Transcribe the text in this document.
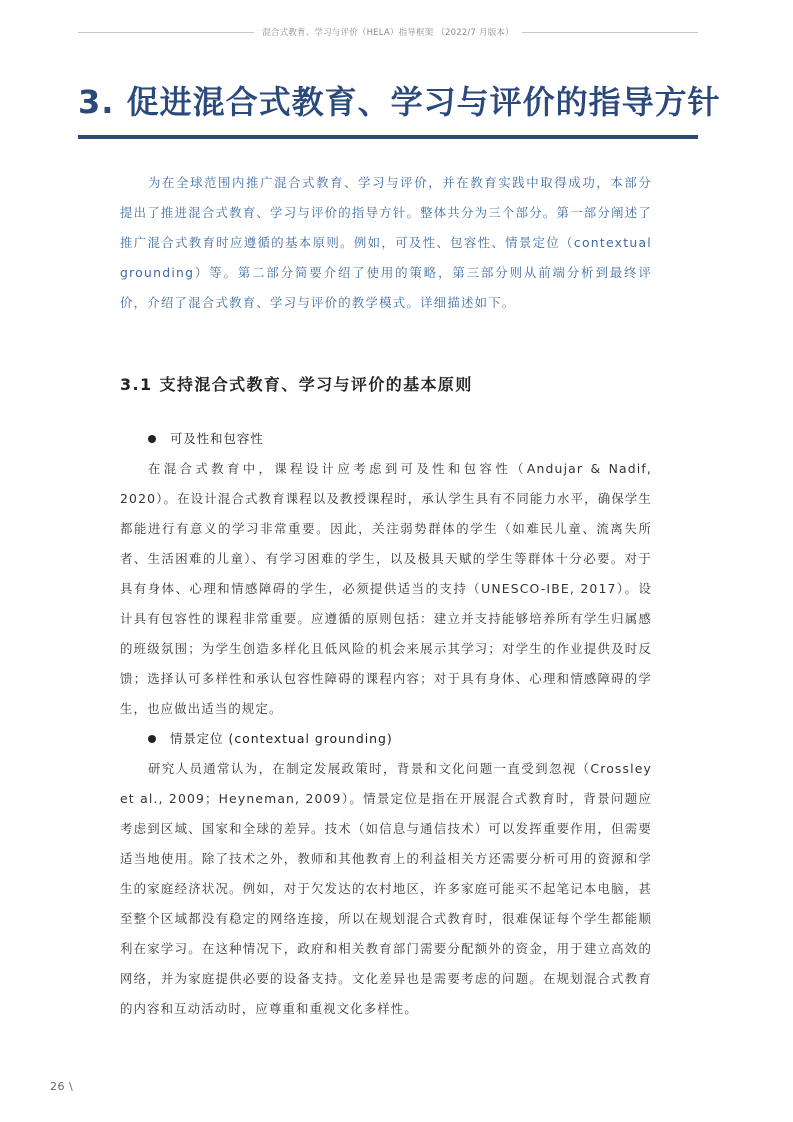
混合式教育、学习与评价（HELA）指导框架 （2022/7 月版本）
3. 促进混合式教育、学习与评价的指导方针

为在全球范围内推广混合式教育、学习与评价，并在教育实践中取得成功，本部分提出了推进混合式教育、学习与评价的指导方针。整体共分为三个部分。第一部分阐述了推广混合式教育时应遵循的基本原则。例如，可及性、包容性、情景定位（contextual grounding）等。第二部分简要介绍了使用的策略，第三部分则从前端分析到最终评价，介绍了混合式教育、学习与评价的教学模式。详细描述如下。

3.1 支持混合式教育、学习与评价的基本原则
可及性和包容性

在混合式教育中，课程设计应考虑到可及性和包容性（Andujar & Nadif, 2020）。在设计混合式教育课程以及教授课程时，承认学生具有不同能力水平，确保学生都能进行有意义的学习非常重要。因此，关注弱势群体的学生（如难民儿童、流离失所者、生活困难的儿童）、有学习困难的学生，以及极具天赋的学生等群体十分必要。对于具有身体、心理和情感障碍的学生，必须提供适当的支持（UNESCO-IBE, 2017）。设计具有包容性的课程非常重要。应遵循的原则包括：建立并支持能够培养所有学生归属感的班级氛围；为学生创造多样化且低风险的机会来展示其学习；对学生的作业提供及时反馈；选择认可多样性和承认包容性障碍的课程内容；对于具有身体、心理和情感障碍的学生，也应做出适当的规定。

情景定位 (contextual grounding)

研究人员通常认为，在制定发展政策时，背景和文化问题一直受到忽视（Crossley et al., 2009；Heyneman, 2009）。情景定位是指在开展混合式教育时，背景问题应考虑到区域、国家和全球的差异。技术（如信息与通信技术）可以发挥重要作用，但需要适当地使用。除了技术之外，教师和其他教育上的利益相关方还需要分析可用的资源和学生的家庭经济状况。例如，对于欠发达的农村地区，许多家庭可能买不起笔记本电脑，甚至整个区域都没有稳定的网络连接，所以在规划混合式教育时，很难保证每个学生都能顺利在家学习。在这种情况下，政府和相关教育部门需要分配额外的资金，用于建立高效的网络，并为家庭提供必要的设备支持。文化差异也是需要考虑的问题。在规划混合式教育的内容和互动活动时，应尊重和重视文化多样性。

26 \
